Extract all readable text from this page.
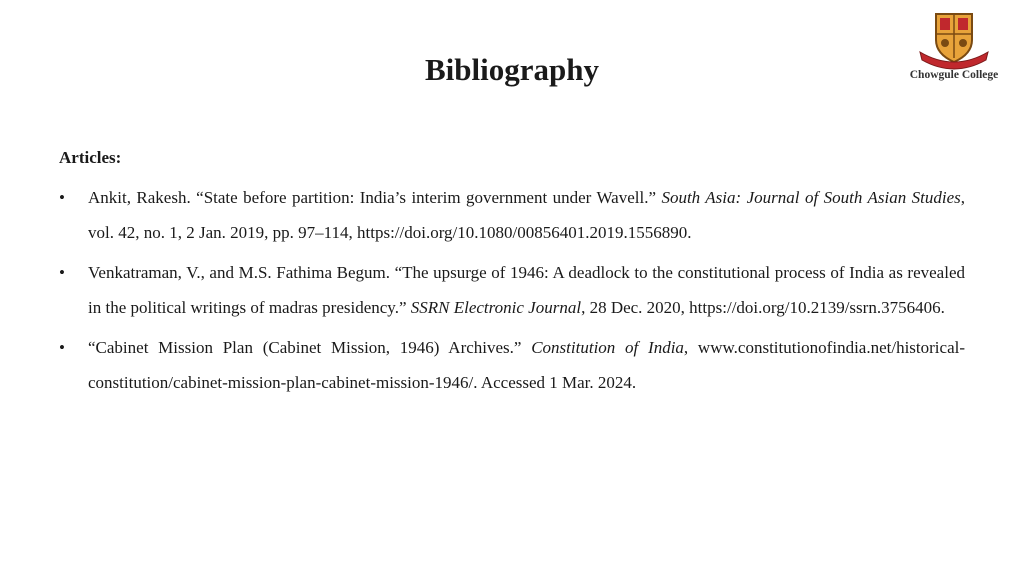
Bibliography	Chowgule College
Articles:
• Ankit, Rakesh. “State before partition: India’s interim government under Wavell.” South Asia: Journal of South Asian Studies, vol. 42, no. 1, 2 Jan. 2019, pp. 97–114, https://doi.org/10.1080/00856401.2019.1556890.
• Venkatraman, V., and M.S. Fathima Begum. “The upsurge of 1946: A deadlock to the constitutional process of India as revealed in the political writings of madras presidency.” SSRN Electronic Journal, 28 Dec. 2020, https://doi.org/10.2139/ssrn.3756406.
• “Cabinet Mission Plan (Cabinet Mission, 1946) Archives.” Constitution of India, www.constitutionofindia.net/historical-constitution/cabinet-mission-plan-cabinet-mission-1946/. Accessed 1 Mar. 2024.
